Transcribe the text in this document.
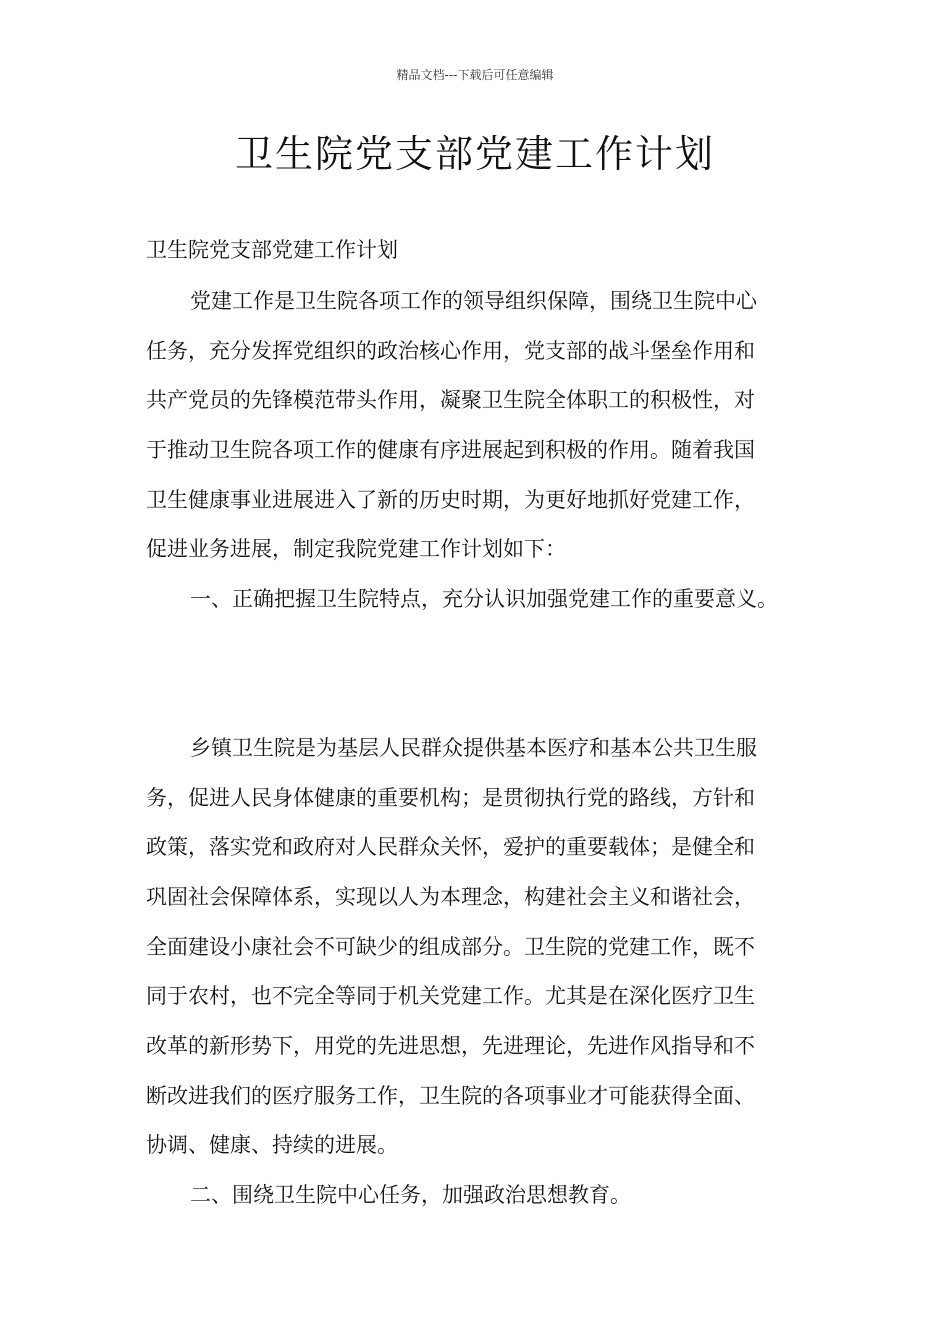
精品文档---下载后可任意编辑
卫生院党支部党建工作计划
卫生院党支部党建工作计划
党建工作是卫生院各项工作的领导组织保障，围绕卫生院中心
任务，充分发挥党组织的政治核心作用，党支部的战斗堡垒作用和
共产党员的先锋模范带头作用，凝聚卫生院全体职工的积极性，对
于推动卫生院各项工作的健康有序进展起到积极的作用。随着我国
卫生健康事业进展进入了新的历史时期，为更好地抓好党建工作，
促进业务进展，制定我院党建工作计划如下：
一、正确把握卫生院特点，充分认识加强党建工作的重要意义。
乡镇卫生院是为基层人民群众提供基本医疗和基本公共卫生服
务，促进人民身体健康的重要机构；是贯彻执行党的路线，方针和
政策，落实党和政府对人民群众关怀，爱护的重要载体；是健全和
巩固社会保障体系，实现以人为本理念，构建社会主义和谐社会，
全面建设小康社会不可缺少的组成部分。卫生院的党建工作，既不
同于农村，也不完全等同于机关党建工作。尤其是在深化医疗卫生
改革的新形势下，用党的先进思想，先进理论，先进作风指导和不
断改进我们的医疗服务工作，卫生院的各项事业才可能获得全面、
协调、健康、持续的进展。
二、围绕卫生院中心任务，加强政治思想教育。
